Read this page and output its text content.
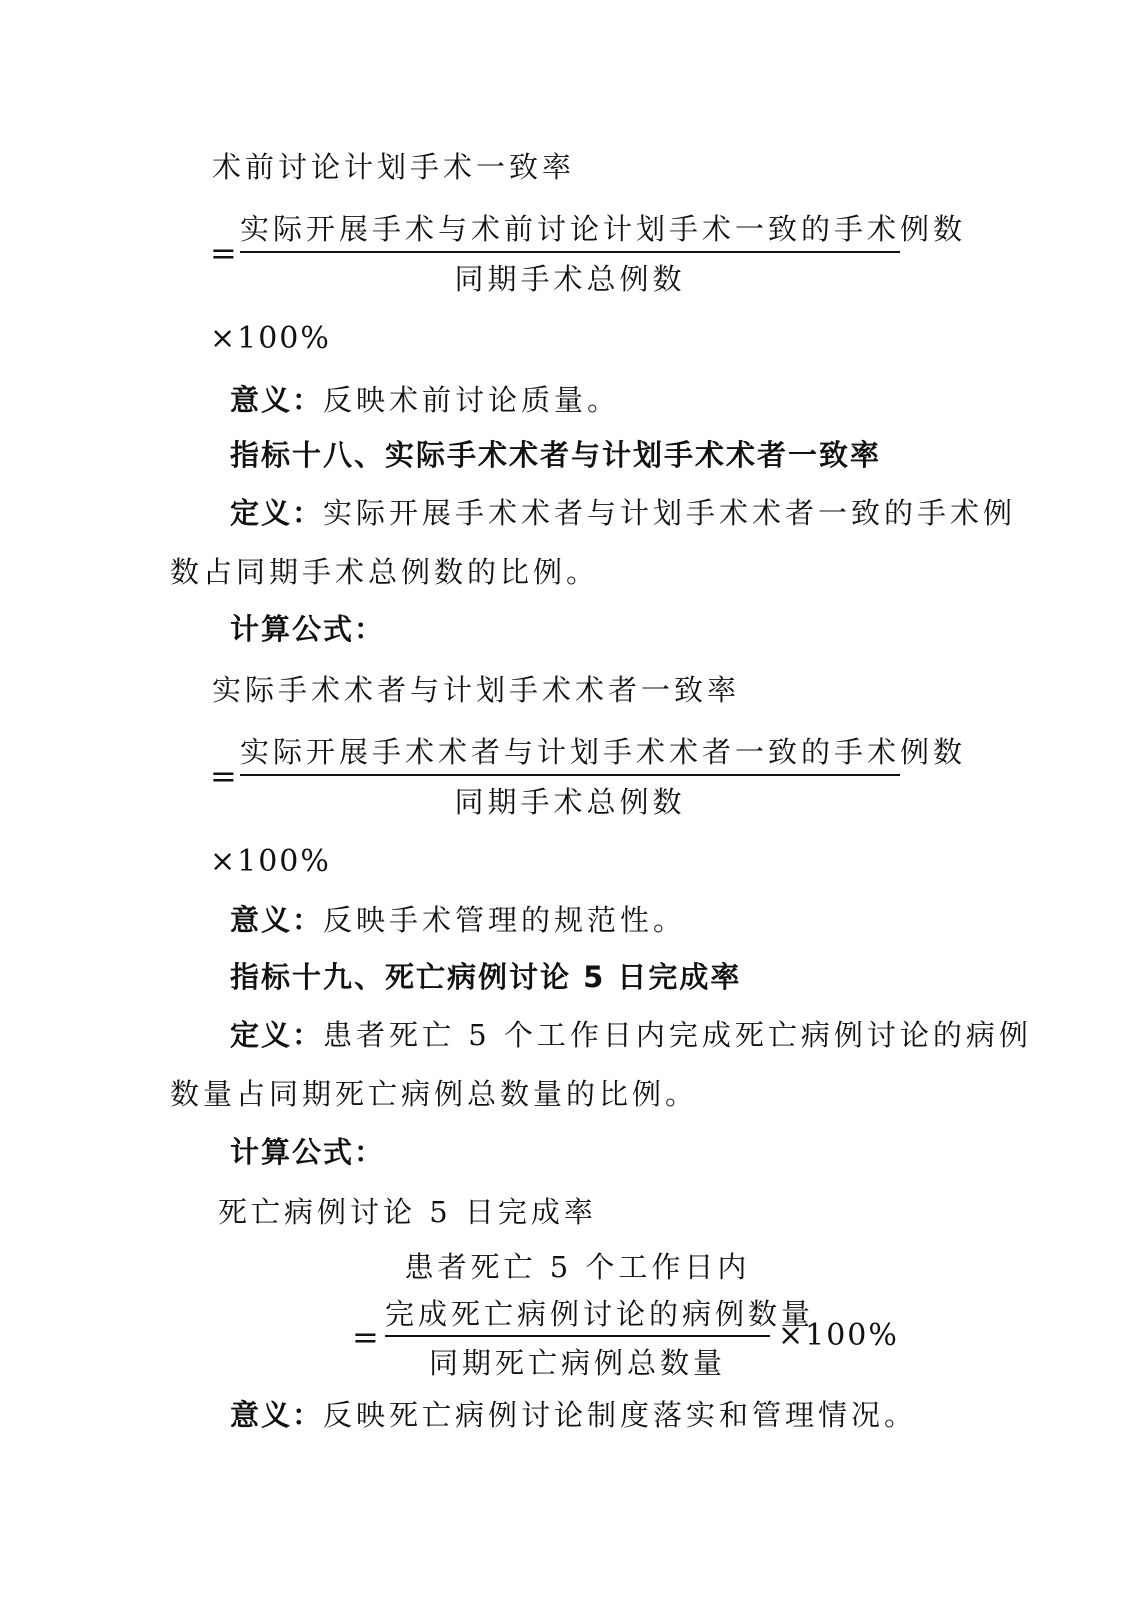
术前讨论计划手术一致率
=
实际开展手术与术前讨论计划手术一致的手术例数
同期手术总例数
×100%
意义：反映术前讨论质量。
指标十八、实际手术术者与计划手术术者一致率
定义：实际开展手术术者与计划手术术者一致的手术例
数占同期手术总例数的比例。
计算公式：
实际手术术者与计划手术术者一致率
=
实际开展手术术者与计划手术术者一致的手术例数
同期手术总例数
×100%
意义：反映手术管理的规范性。
指标十九、死亡病例讨论 5 日完成率
定义：患者死亡 5 个工作日内完成死亡病例讨论的病例
数量占同期死亡病例总数量的比例。
计算公式：
死亡病例讨论 5 日完成率
患者死亡 5 个工作日内
=
完成死亡病例讨论的病例数量
同期死亡病例总数量
×100%
意义：反映死亡病例讨论制度落实和管理情况。
